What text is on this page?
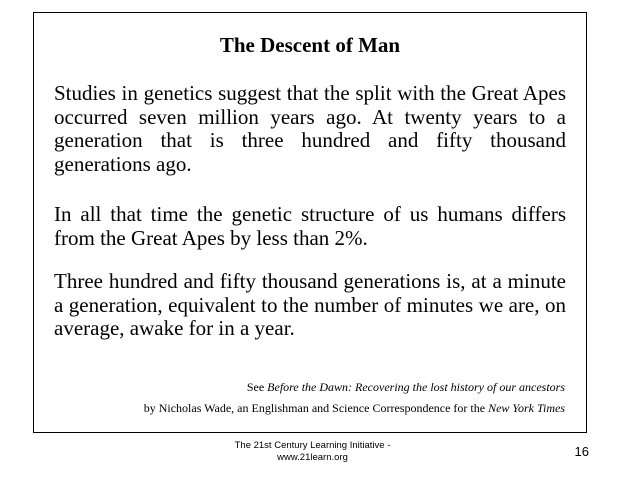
The Descent of Man
Studies in genetics suggest that the split with the Great Apes occurred seven million years ago. At twenty years to a generation that is three hundred and fifty thousand generations ago.
In all that time the genetic structure of us humans differs from the Great Apes by less than 2%.
Three hundred and fifty thousand generations is, at a minute a generation, equivalent to the number of minutes we are, on average, awake for in a year.
See Before the Dawn: Recovering the lost history of our ancestors
by Nicholas Wade, an Englishman and Science Correspondence for the New York Times
The 21st Century Learning Initiative -
www.21learn.org	16
